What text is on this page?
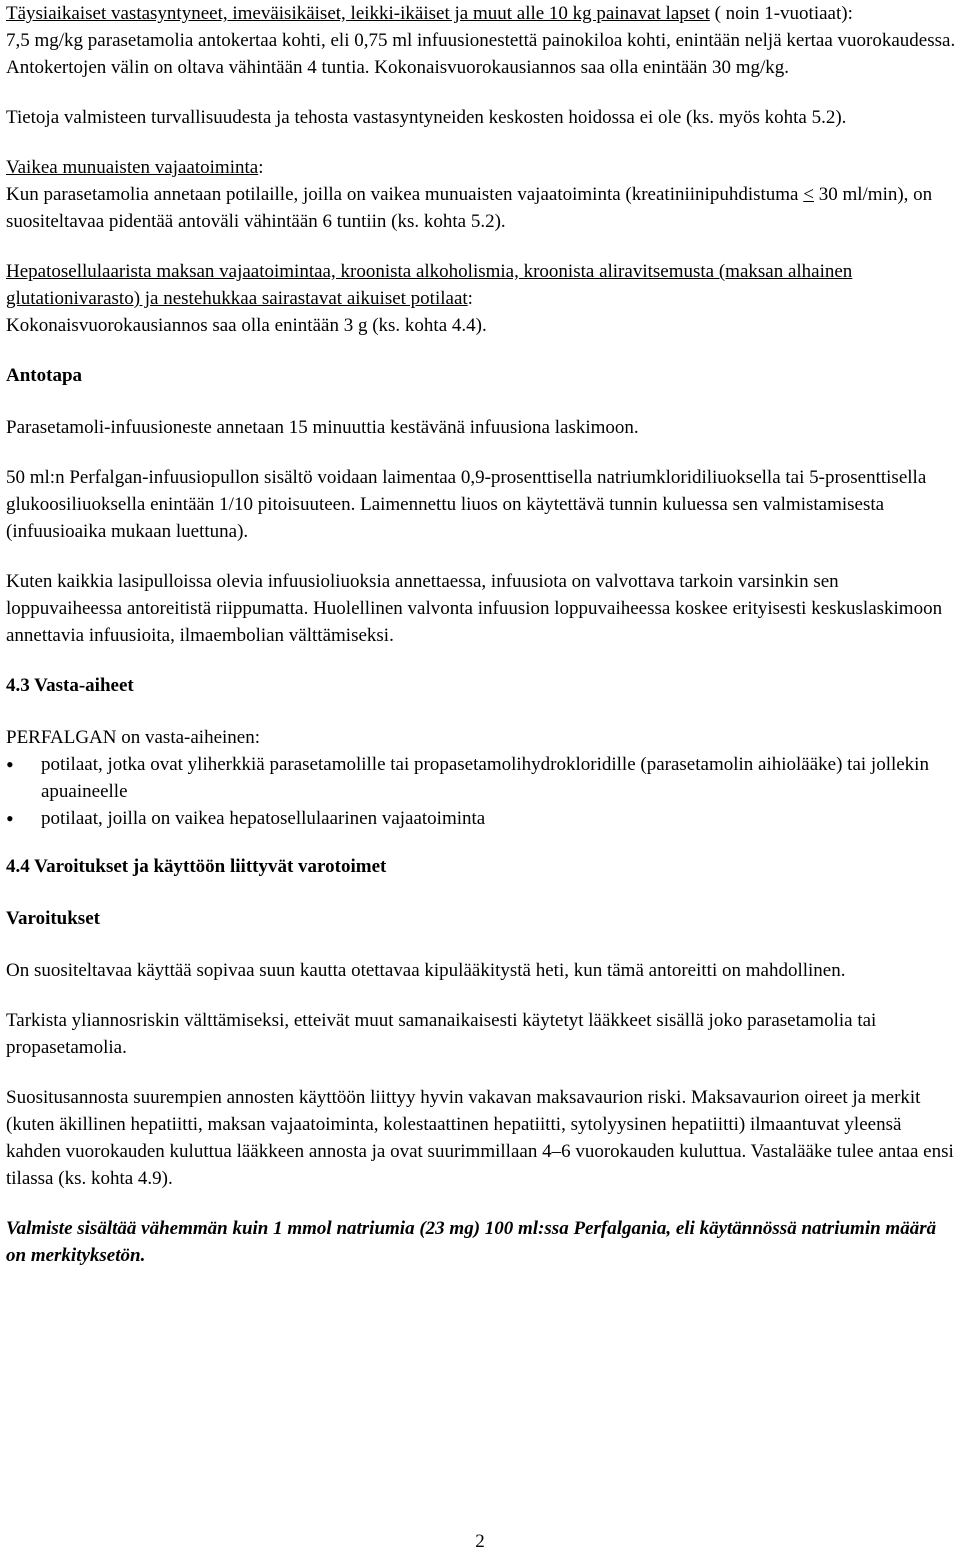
Täysiaikaiset vastasyntyneet, imeväisikäiset, leikki-ikäiset ja muut alle 10 kg painavat lapset ( noin 1-vuotiaat):
7,5 mg/kg parasetamolia antokertaa kohti, eli 0,75 ml infuusionestettä painokiloa kohti, enintään neljä kertaa vuorokaudessa. Antokertojen välin on oltava vähintään 4 tuntia. Kokonaisvuorokausiannos saa olla enintään 30 mg/kg.

Tietoja valmisteen turvallisuudesta ja tehosta vastasyntyneiden keskosten hoidossa ei ole (ks. myös kohta 5.2).

Vaikea munuaisten vajaatoiminta:
Kun parasetamolia annetaan potilaille, joilla on vaikea munuaisten vajaatoiminta (kreatiniinipuhdistuma ≤ 30 ml/min), on suositeltavaa pidentää antoväli vähintään 6 tuntiin (ks. kohta 5.2).

Hepatosellulaarista maksan vajaatoimintaa, kroonista alkoholismia, kroonista aliravitsemusta (maksan alhainen glutationivarasto) ja nestehukkaa sairastavat aikuiset potilaat:
Kokonaisvuorokausiannos saa olla enintään 3 g (ks. kohta 4.4).

Antotapa

Parasetamoli-infuusioneste annetaan 15 minuuttia kestävänä infuusiona laskimoon.

50 ml:n Perfalgan-infuusiopullon sisältö voidaan laimentaa 0,9-prosenttisella natriumkloridiliuoksella tai 5-prosenttisella glukoosiliuoksella enintään 1/10 pitoisuuteen. Laimennettu liuos on käytettävä tunnin kuluessa sen valmistamisesta (infuusioaika mukaan luettuna).

Kuten kaikkia lasipulloissa olevia infuusioliuoksia annettaessa, infuusiota on valvottava tarkoin varsinkin sen loppuvaiheessa antoreitistä riippumatta. Huolellinen valvonta infuusion loppuvaiheessa koskee erityisesti keskuslaskimoon annettavia infuusioita, ilmaembolian välttämiseksi.

4.3 Vasta-aiheet
PERFALGAN on vasta-aiheinen:
• potilaat, jotka ovat yliherkkiä parasetamolille tai propasetamolihydrokloridille (parasetamolin aihiolääke) tai jollekin apuaineelle
• potilaat, joilla on vaikea hepatosellulaarinen vajaatoiminta
4.4 Varoitukset ja käyttöön liittyvät varotoimet
Varoitukset

On suositeltavaa käyttää sopivaa suun kautta otettavaa kipulääkitystä heti, kun tämä antoreitti on mahdollinen.

Tarkista yliannosriskin välttämiseksi, etteivät muut samanaikaisesti käytetyt lääkkeet sisällä joko parasetamolia tai propasetamolia.

Suositusannosta suurempien annosten käyttöön liittyy hyvin vakavan maksavaurion riski. Maksavaurion oireet ja merkit (kuten äkillinen hepatiitti, maksan vajaatoiminta, kolestaattinen hepatiitti, sytolyysinen hepatiitti) ilmaantuvat yleensä kahden vuorokauden kuluttua lääkkeen annosta ja ovat suurimmillaan 4–6 vuorokauden kuluttua. Vastalääke tulee antaa ensi tilassa (ks. kohta 4.9).

Valmiste sisältää vähemmän kuin 1 mmol natriumia (23 mg) 100 ml:ssa Perfalgania, eli käytännössä natriumin määrä on merkityksetön.

2
